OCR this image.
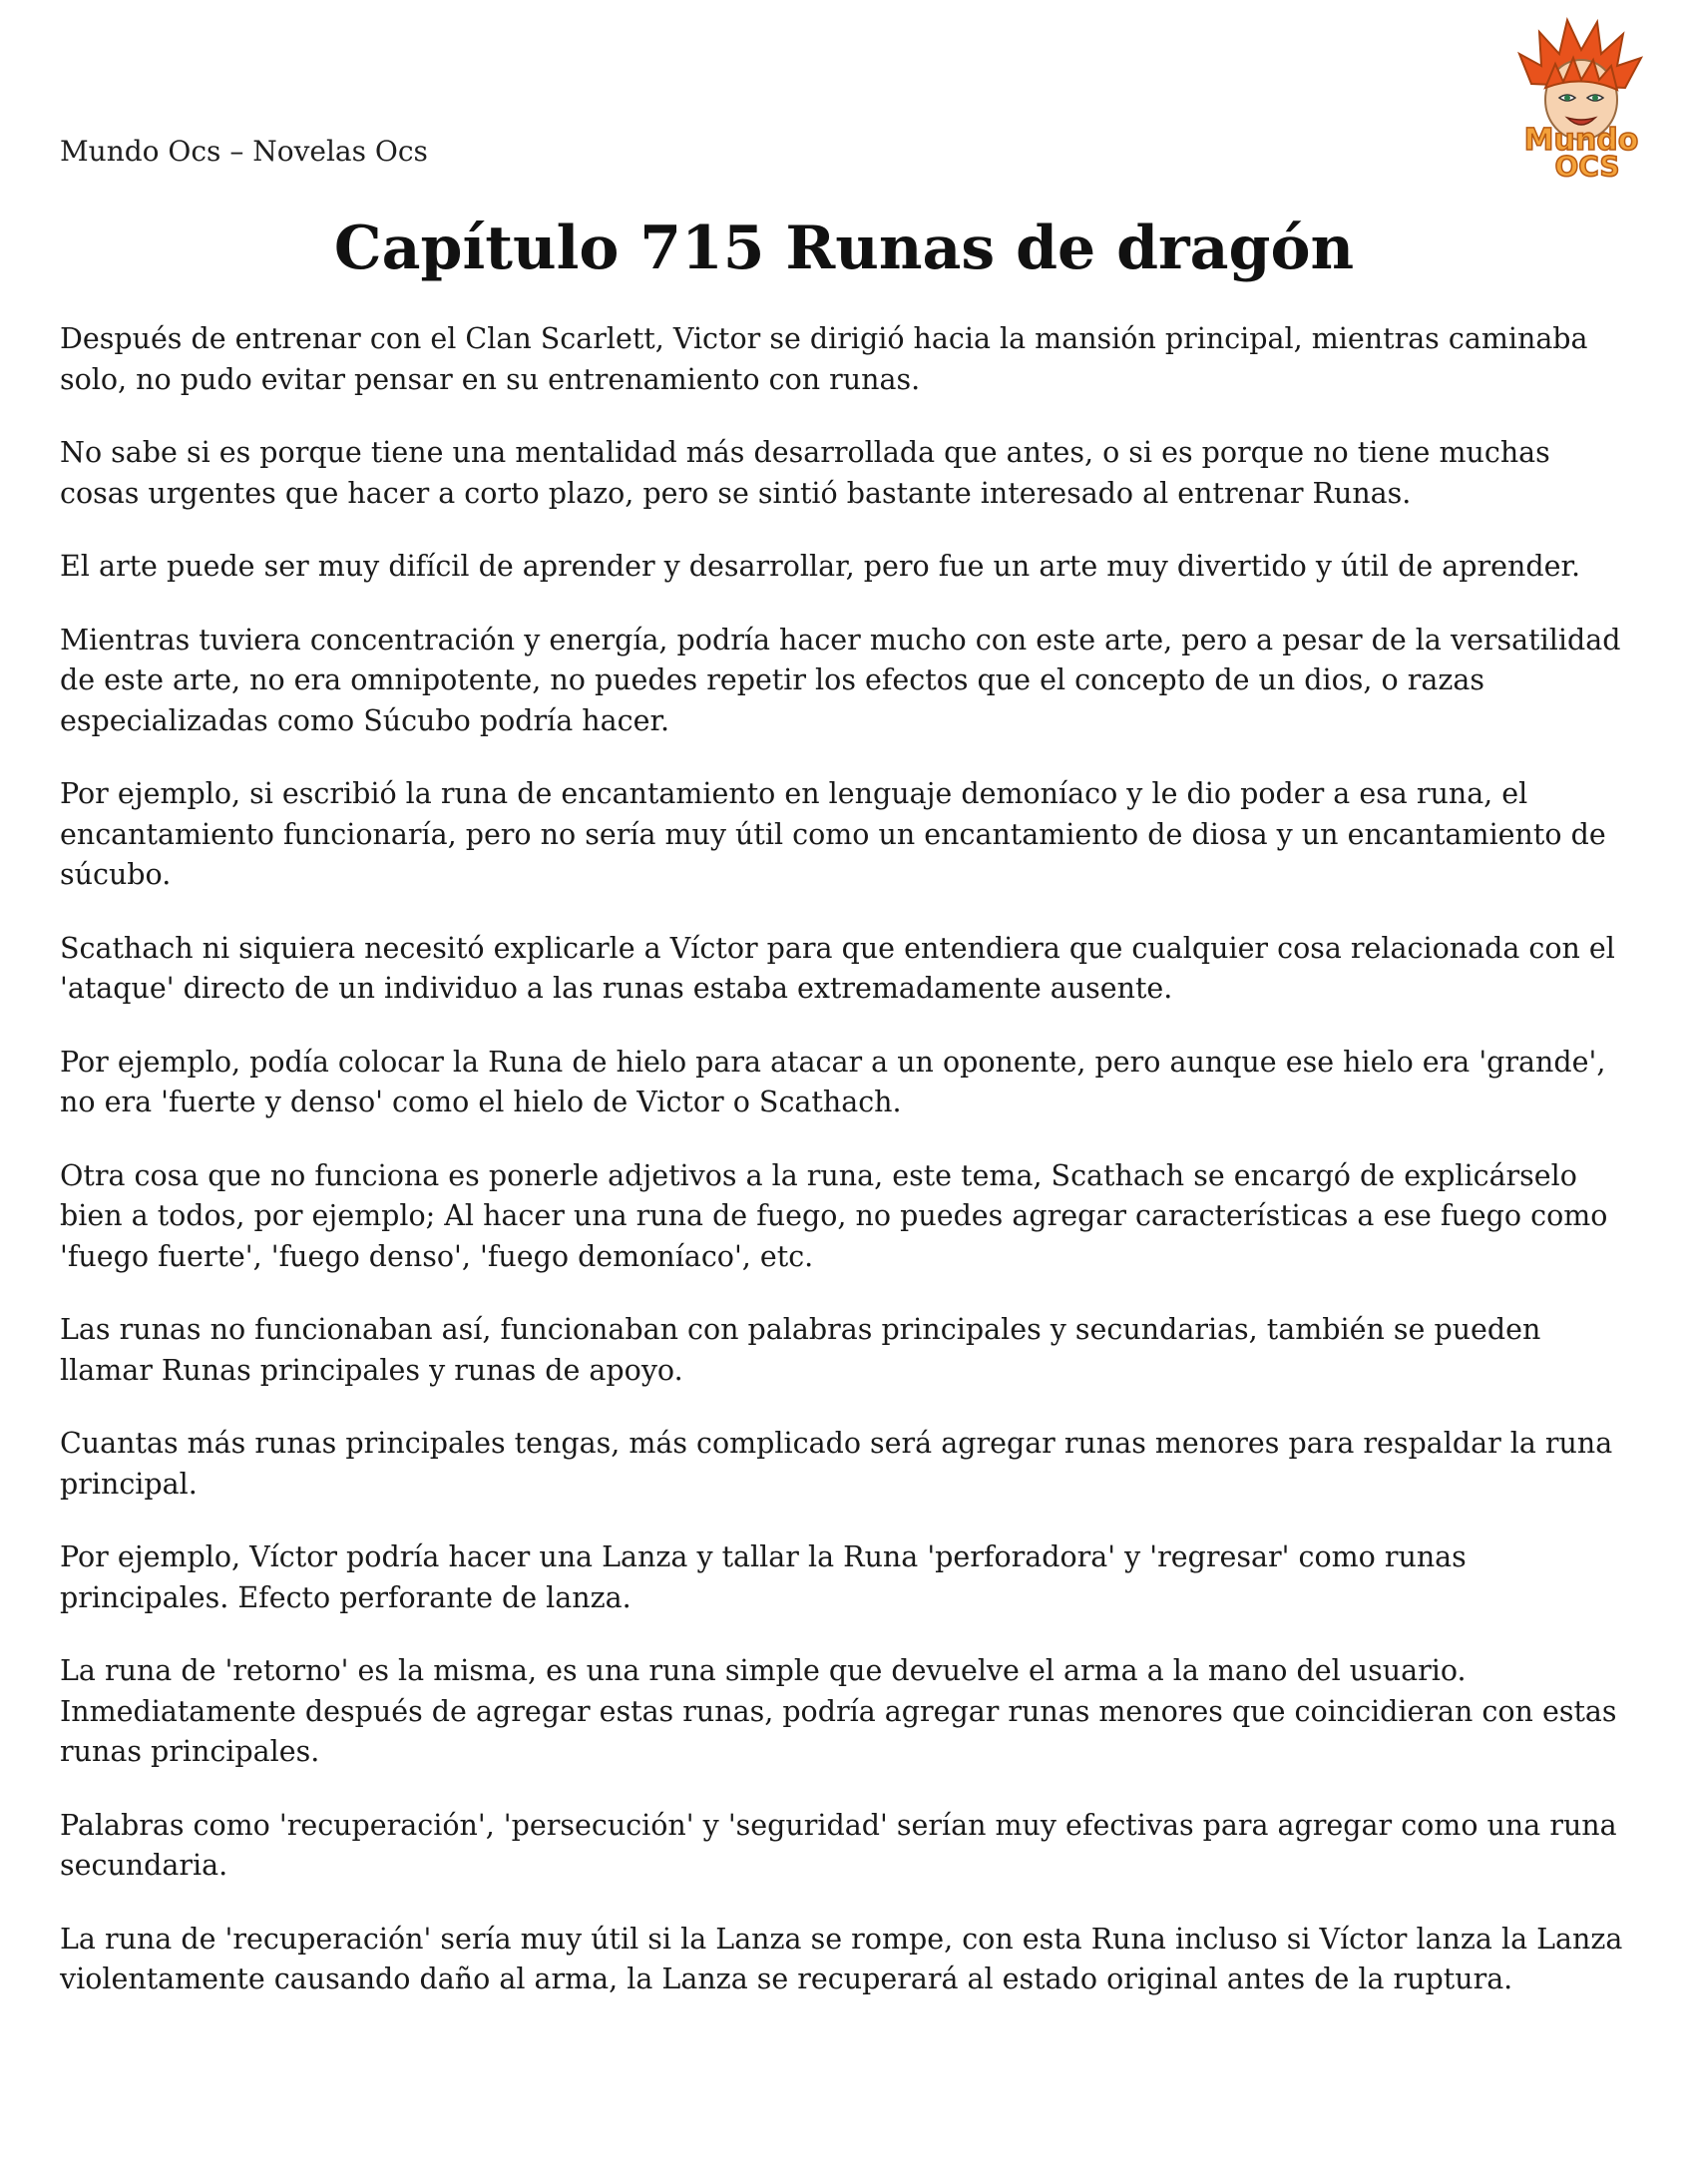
Mundo Ocs – Novelas Ocs	Mundo
OCS
Capítulo 715 Runas de dragón

Después de entrenar con el Clan Scarlett, Victor se dirigió hacia la mansión principal, mientras caminaba solo, no pudo evitar pensar en su entrenamiento con runas.

No sabe si es porque tiene una mentalidad más desarrollada que antes, o si es porque no tiene muchas cosas urgentes que hacer a corto plazo, pero se sintió bastante interesado al entrenar Runas.

El arte puede ser muy difícil de aprender y desarrollar, pero fue un arte muy divertido y útil de aprender.

Mientras tuviera concentración y energía, podría hacer mucho con este arte, pero a pesar de la versatilidad de este arte, no era omnipotente, no puedes repetir los efectos que el concepto de un dios, o razas especializadas como Súcubo podría hacer.

Por ejemplo, si escribió la runa de encantamiento en lenguaje demoníaco y le dio poder a esa runa, el encantamiento funcionaría, pero no sería muy útil como un encantamiento de diosa y un encantamiento de súcubo.

Scathach ni siquiera necesitó explicarle a Víctor para que entendiera que cualquier cosa relacionada con el 'ataque' directo de un individuo a las runas estaba extremadamente ausente.

Por ejemplo, podía colocar la Runa de hielo para atacar a un oponente, pero aunque ese hielo era 'grande', no era 'fuerte y denso' como el hielo de Victor o Scathach.

Otra cosa que no funciona es ponerle adjetivos a la runa, este tema, Scathach se encargó de explicárselo bien a todos, por ejemplo; Al hacer una runa de fuego, no puedes agregar características a ese fuego como 'fuego fuerte', 'fuego denso', 'fuego demoníaco', etc.

Las runas no funcionaban así, funcionaban con palabras principales y secundarias, también se pueden llamar Runas principales y runas de apoyo.

Cuantas más runas principales tengas, más complicado será agregar runas menores para respaldar la runa principal.

Por ejemplo, Víctor podría hacer una Lanza y tallar la Runa 'perforadora' y 'regresar' como runas principales. Efecto perforante de lanza.

La runa de 'retorno' es la misma, es una runa simple que devuelve el arma a la mano del usuario. Inmediatamente después de agregar estas runas, podría agregar runas menores que coincidieran con estas runas principales.

Palabras como 'recuperación', 'persecución' y 'seguridad' serían muy efectivas para agregar como una runa secundaria.

La runa de 'recuperación' sería muy útil si la Lanza se rompe, con esta Runa incluso si Víctor lanza la Lanza violentamente causando daño al arma, la Lanza se recuperará al estado original antes de la ruptura.
